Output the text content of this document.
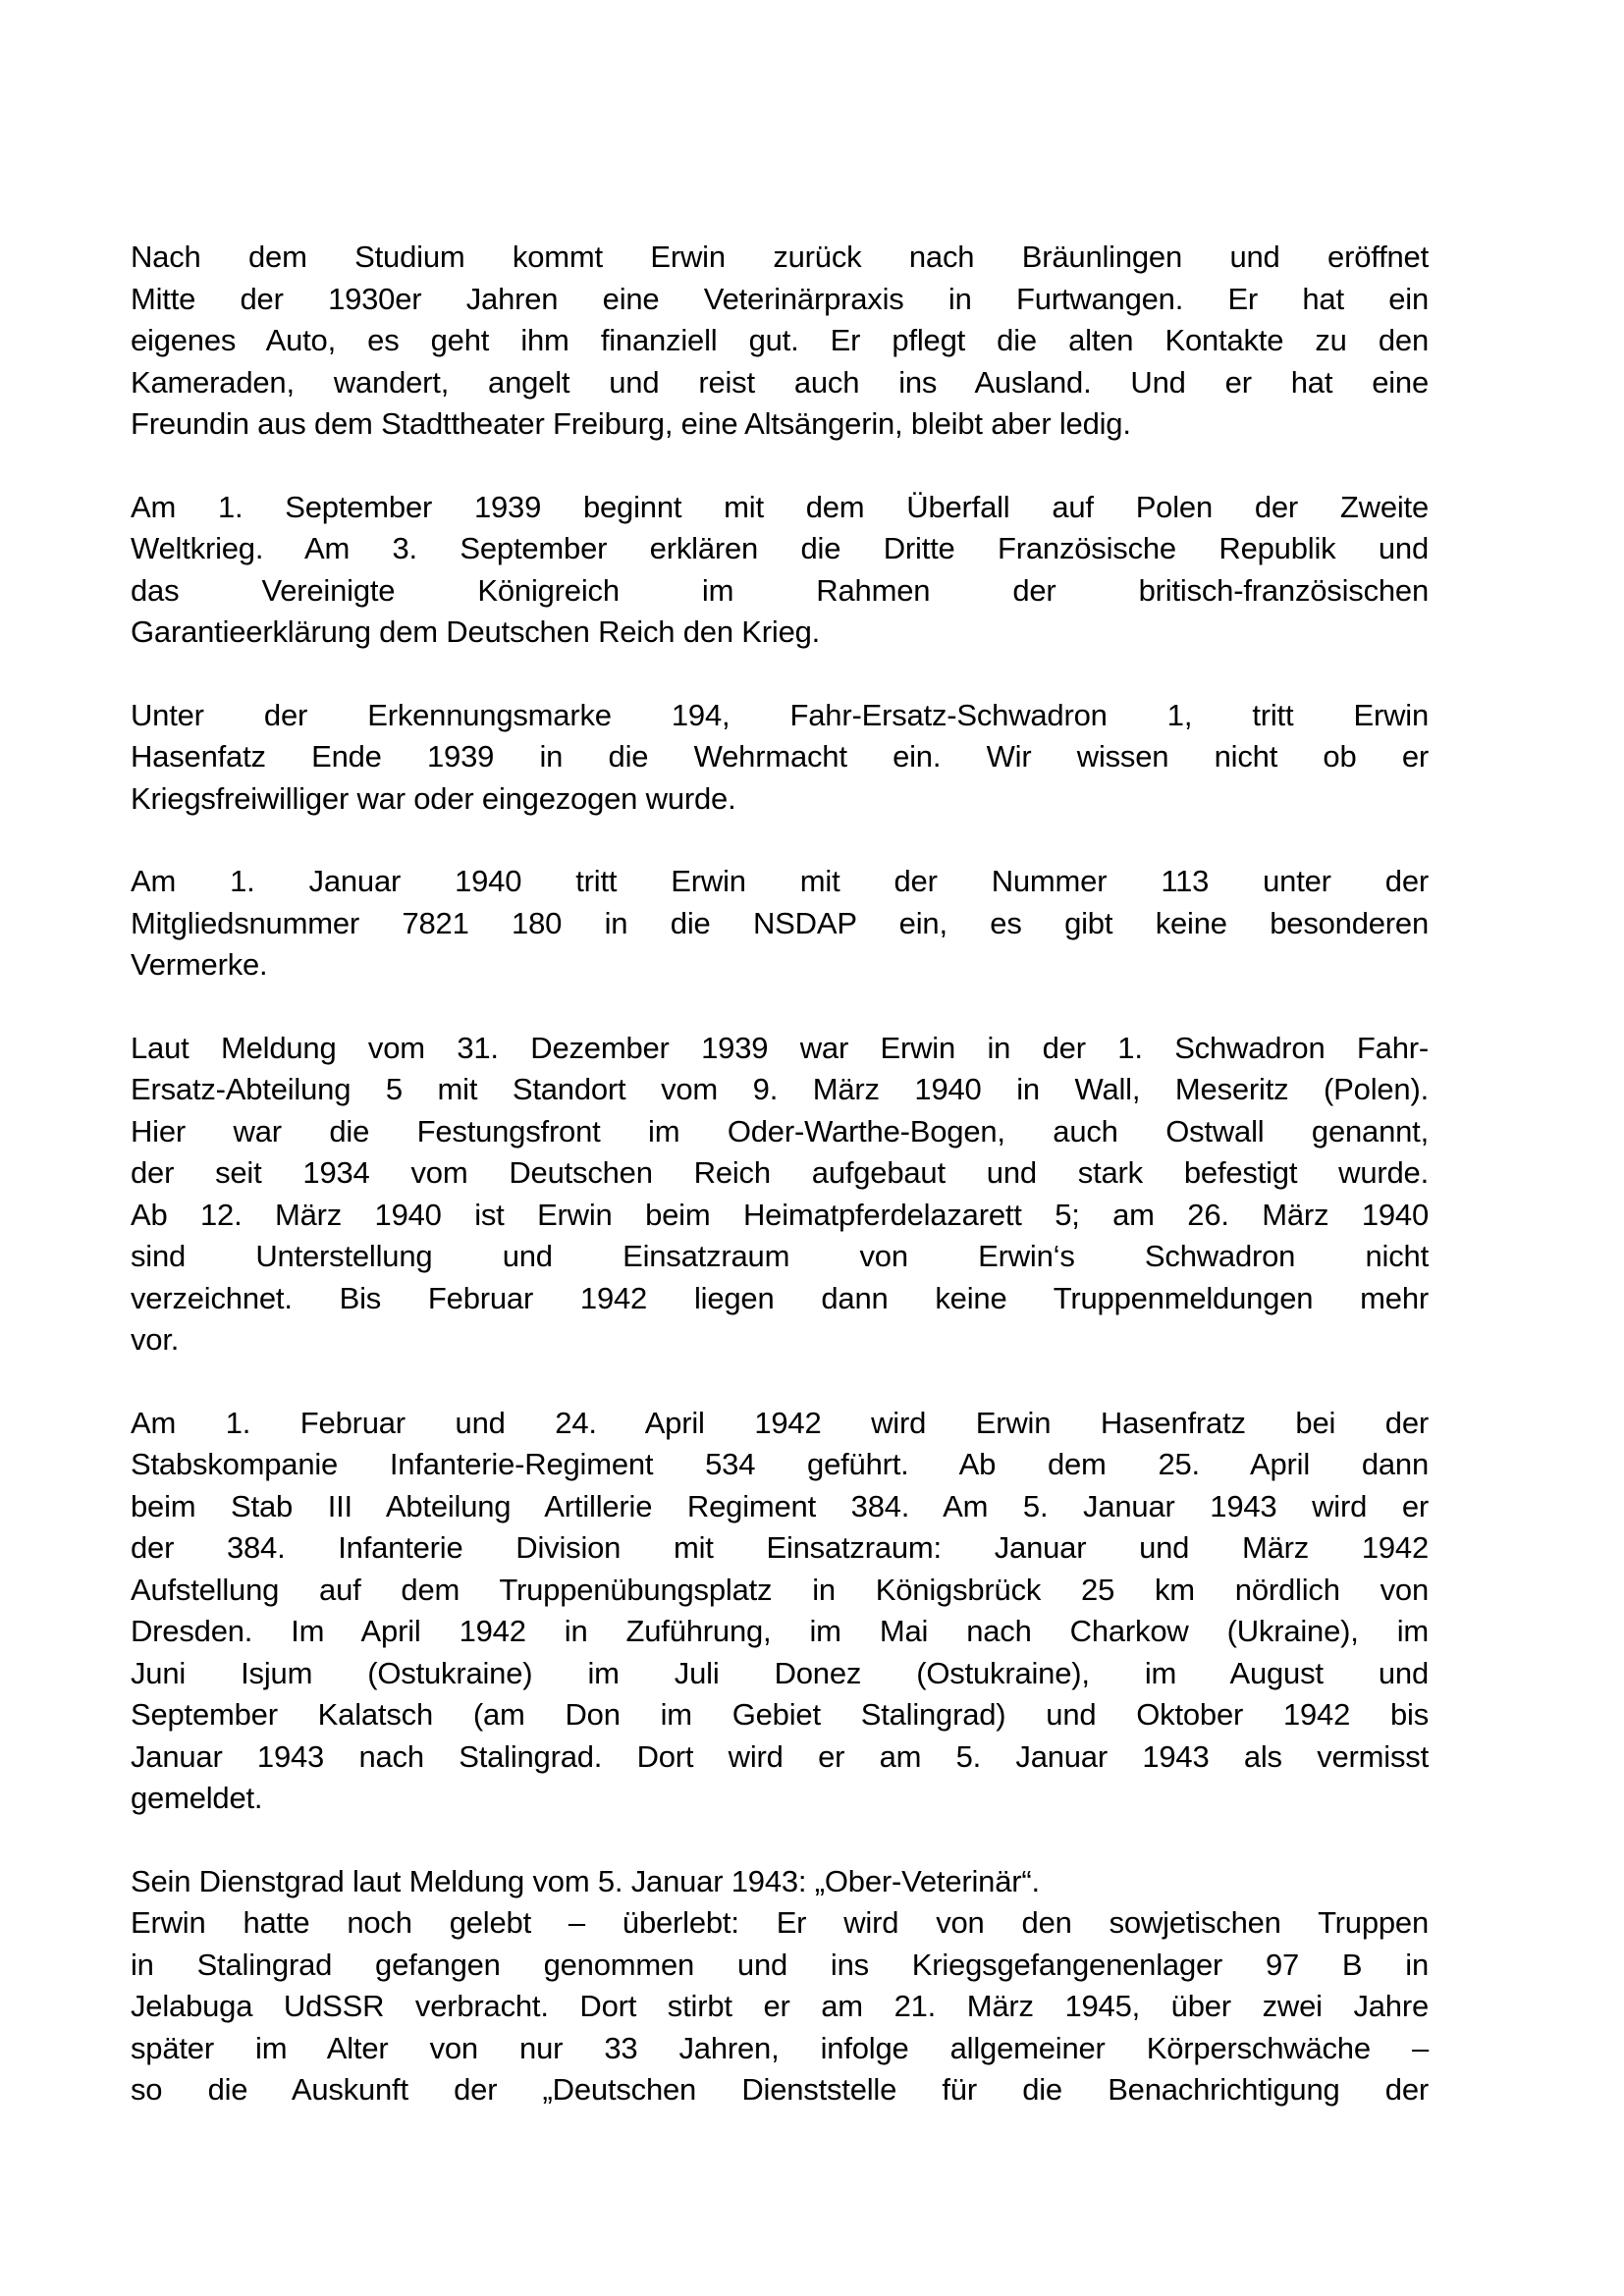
Nach dem Studium kommt Erwin zurück nach Bräunlingen und eröffnet
Mitte der 1930er Jahren eine Veterinärpraxis in Furtwangen. Er hat ein
eigenes Auto, es geht ihm finanziell gut. Er pflegt die alten Kontakte zu den
Kameraden, wandert, angelt und reist auch ins Ausland. Und er hat eine
Freundin aus dem Stadttheater Freiburg, eine Altsängerin, bleibt aber ledig.
Am 1. September 1939 beginnt mit dem Überfall auf Polen der Zweite
Weltkrieg. Am 3. September erklären die Dritte Französische Republik und
das Vereinigte Königreich im Rahmen der britisch-französischen
Garantieerklärung dem Deutschen Reich den Krieg.
Unter der Erkennungsmarke 194, Fahr-Ersatz-Schwadron 1, tritt Erwin
Hasenfatz Ende 1939 in die Wehrmacht ein. Wir wissen nicht ob er
Kriegsfreiwilliger war oder eingezogen wurde.
Am 1. Januar 1940 tritt Erwin mit der Nummer 113 unter der
Mitgliedsnummer 7821 180 in die NSDAP ein, es gibt keine besonderen
Vermerke.
Laut Meldung vom 31. Dezember 1939 war Erwin in der 1. Schwadron Fahr-
Ersatz-Abteilung 5 mit Standort vom 9. März 1940 in Wall, Meseritz (Polen).
Hier war die Festungsfront im Oder-Warthe-Bogen, auch Ostwall genannt,
der seit 1934 vom Deutschen Reich aufgebaut und stark befestigt wurde.
Ab 12. März 1940 ist Erwin beim Heimatpferdelazarett 5; am 26. März 1940
sind Unterstellung und Einsatzraum von Erwin‘s Schwadron nicht
verzeichnet. Bis Februar 1942 liegen dann keine Truppenmeldungen mehr
vor.
Am 1. Februar und 24. April 1942 wird Erwin Hasenfratz bei der
Stabskompanie Infanterie-Regiment 534 geführt. Ab dem 25. April dann
beim Stab III Abteilung Artillerie Regiment 384. Am 5. Januar 1943 wird er
der 384. Infanterie Division mit Einsatzraum: Januar und März 1942
Aufstellung auf dem Truppenübungsplatz in Königsbrück 25 km nördlich von
Dresden. Im April 1942 in Zuführung, im Mai nach Charkow (Ukraine), im
Juni Isjum (Ostukraine) im Juli Donez (Ostukraine), im August und
September Kalatsch (am Don im Gebiet Stalingrad) und Oktober 1942 bis
Januar 1943 nach Stalingrad. Dort wird er am 5. Januar 1943 als vermisst
gemeldet.
Sein Dienstgrad laut Meldung vom 5. Januar 1943: „Ober-Veterinär“.
Erwin hatte noch gelebt – überlebt: Er wird von den sowjetischen Truppen
in Stalingrad gefangen genommen und ins Kriegsgefangenenlager 97 B in
Jelabuga UdSSR verbracht. Dort stirbt er am 21. März 1945, über zwei Jahre
später im Alter von nur 33 Jahren, infolge allgemeiner Körperschwäche –
so die Auskunft der „Deutschen Dienststelle für die Benachrichtigung der
